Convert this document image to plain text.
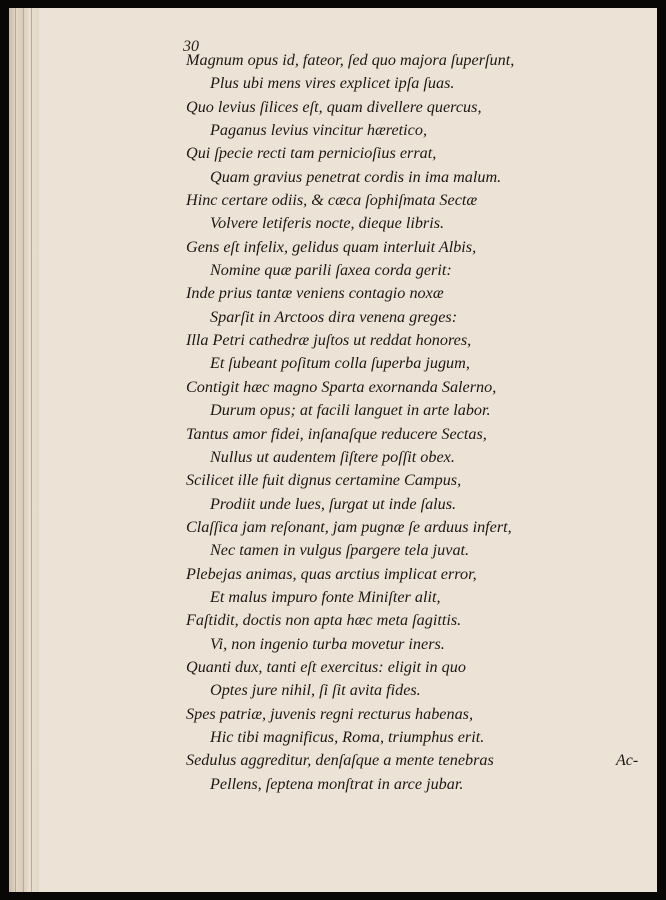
30
Magnum opus id, fateor, ſed quo majora ſuperſunt,
Plus ubi mens vires explicet ipſa ſuas.
Quo levius ſilices eſt, quam divellere quercus,
Paganus levius vincitur hæretico,
Qui ſpecie recti tam pernicioſius errat,
Quam gravius penetrat cordis in ima malum.
Hinc certare odiis, & cæca ſophiſmata Sectæ
Volvere letiferis nocte, dieque libris.
Gens eſt infelix, gelidus quam interluit Albis,
Nomine quæ parili ſaxea corda gerit:
Inde prius tantæ veniens contagio noxæ
Sparſit in Arctoos dira venena greges:
Illa Petri cathedræ juſtos ut reddat honores,
Et ſubeant poſitum colla ſuperba jugum,
Contigit hæc magno Sparta exornanda Salerno,
Durum opus; at facili languet in arte labor.
Tantus amor fidei, inſanaſque reducere Sectas,
Nullus ut audentem ſiſtere poſſit obex.
Scilicet ille fuit dignus certamine Campus,
Prodiit unde lues, ſurgat ut inde ſalus.
Claſſica jam reſonant, jam pugnæ ſe arduus infert,
Nec tamen in vulgus ſpargere tela juvat.
Plebejas animas, quas arctius implicat error,
Et malus impuro fonte Miniſter alit,
Faſtidit, doctis non apta hæc meta ſagittis.
Vi, non ingenio turba movetur iners.
Quanti dux, tanti eſt exercitus: eligit in quo
Optes jure nihil, ſi ſit avita fides.
Spes patriæ, juvenis regni recturus habenas,
Hic tibi magnificus, Roma, triumphus erit.
Sedulus aggreditur, denſaſque a mente tenebras
Pellens, ſeptena monſtrat in arce jubar.
Ac-
